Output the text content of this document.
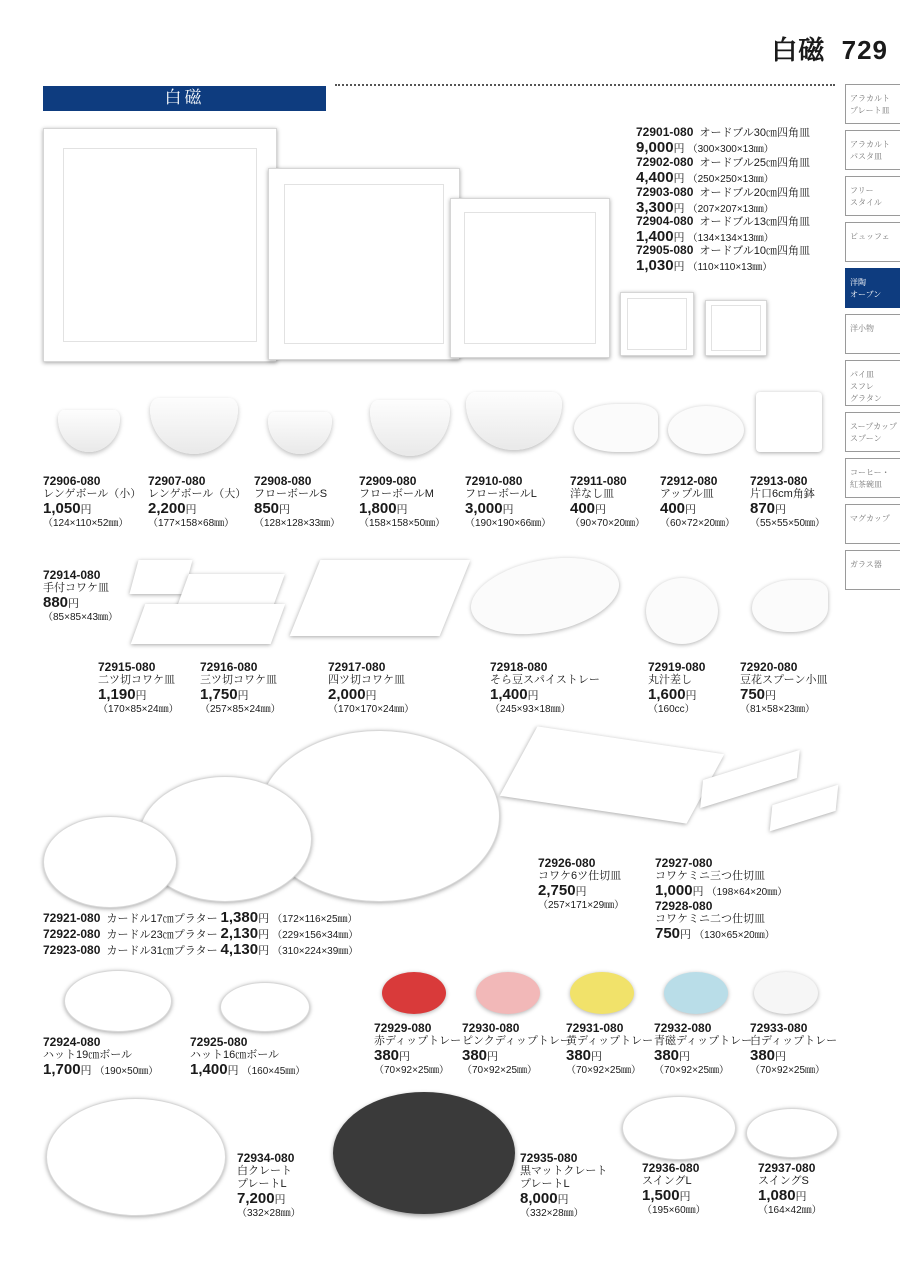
白磁 729
白磁	アラカルト
プレート皿
アラカルト
パスタ皿
フリー
スタイル
ビュッフェ
洋陶
オーブン
洋小物
パイ皿
スフレ
グラタン
スープカップ
スプーン
コーヒー・
紅茶碗皿
マグカップ
ガラス器
72901-080 オードブル30㎝四角皿
9,000円 （300×300×13㎜）
72902-080 オードブル25㎝四角皿
4,400円 （250×250×13㎜）
72903-080 オードブル20㎝四角皿
3,300円 （207×207×13㎜）
72904-080 オードブル13㎝四角皿
1,400円 （134×134×13㎜）
72905-080 オードブル10㎝四角皿
1,030円 （110×110×13㎜）
72906-080
レンゲボール（小）
1,050円
（124×110×52㎜）
72907-080
レンゲボール（大）
2,200円
（177×158×68㎜）
72908-080
フローボールS
850円
（128×128×33㎜）
72909-080
フローボールM
1,800円
（158×158×50㎜）
72910-080
フローボールL
3,000円
（190×190×66㎜）
72911-080
洋なし皿
400円
（90×70×20㎜）
72912-080
アップル皿
400円
（60×72×20㎜）
72913-080
片口6cm角鉢
870円
（55×55×50㎜）
72914-080
手付コワケ皿
880円
（85×85×43㎜）
72915-080
二ツ切コワケ皿
1,190円
（170×85×24㎜）
72916-080
三ツ切コワケ皿
1,750円
（257×85×24㎜）
72917-080
四ツ切コワケ皿
2,000円
（170×170×24㎜）
72918-080
そら豆スパイストレー
1,400円
（245×93×18㎜）
72919-080
丸汁差し
1,600円
（160cc）
72920-080
豆花スプーン小皿
750円
（81×58×23㎜）
72921-080 カードル17㎝プラター 1,380円 （172×116×25㎜）
72922-080 カードル23㎝プラター 2,130円 （229×156×34㎜）
72923-080 カードル31㎝プラター 4,130円 （310×224×39㎜）
72926-080
コワケ6ツ仕切皿
2,750円
（257×171×29㎜）
72927-080
コワケミニ三つ仕切皿
1,000円 （198×64×20㎜）
72928-080
コワケミニ二つ仕切皿
750円 （130×65×20㎜）
72924-080
ハット19㎝ボール
1,700円 （190×50㎜）
72925-080
ハット16㎝ボール
1,400円 （160×45㎜）
72929-080
赤ディップトレー
380円
（70×92×25㎜）
72930-080
ピンクディップトレー
380円
（70×92×25㎜）
72931-080
黄ディップトレー
380円
（70×92×25㎜）
72932-080
青磁ディップトレー
380円
（70×92×25㎜）
72933-080
白ディップトレー
380円
（70×92×25㎜）
72934-080
白クレート
プレートL
7,200円
（332×28㎜）
72935-080
黒マットクレート
プレートL
8,000円
（332×28㎜）
72936-080
スイングL
1,500円
（195×60㎜）
72937-080
スイングS
1,080円
（164×42㎜）
